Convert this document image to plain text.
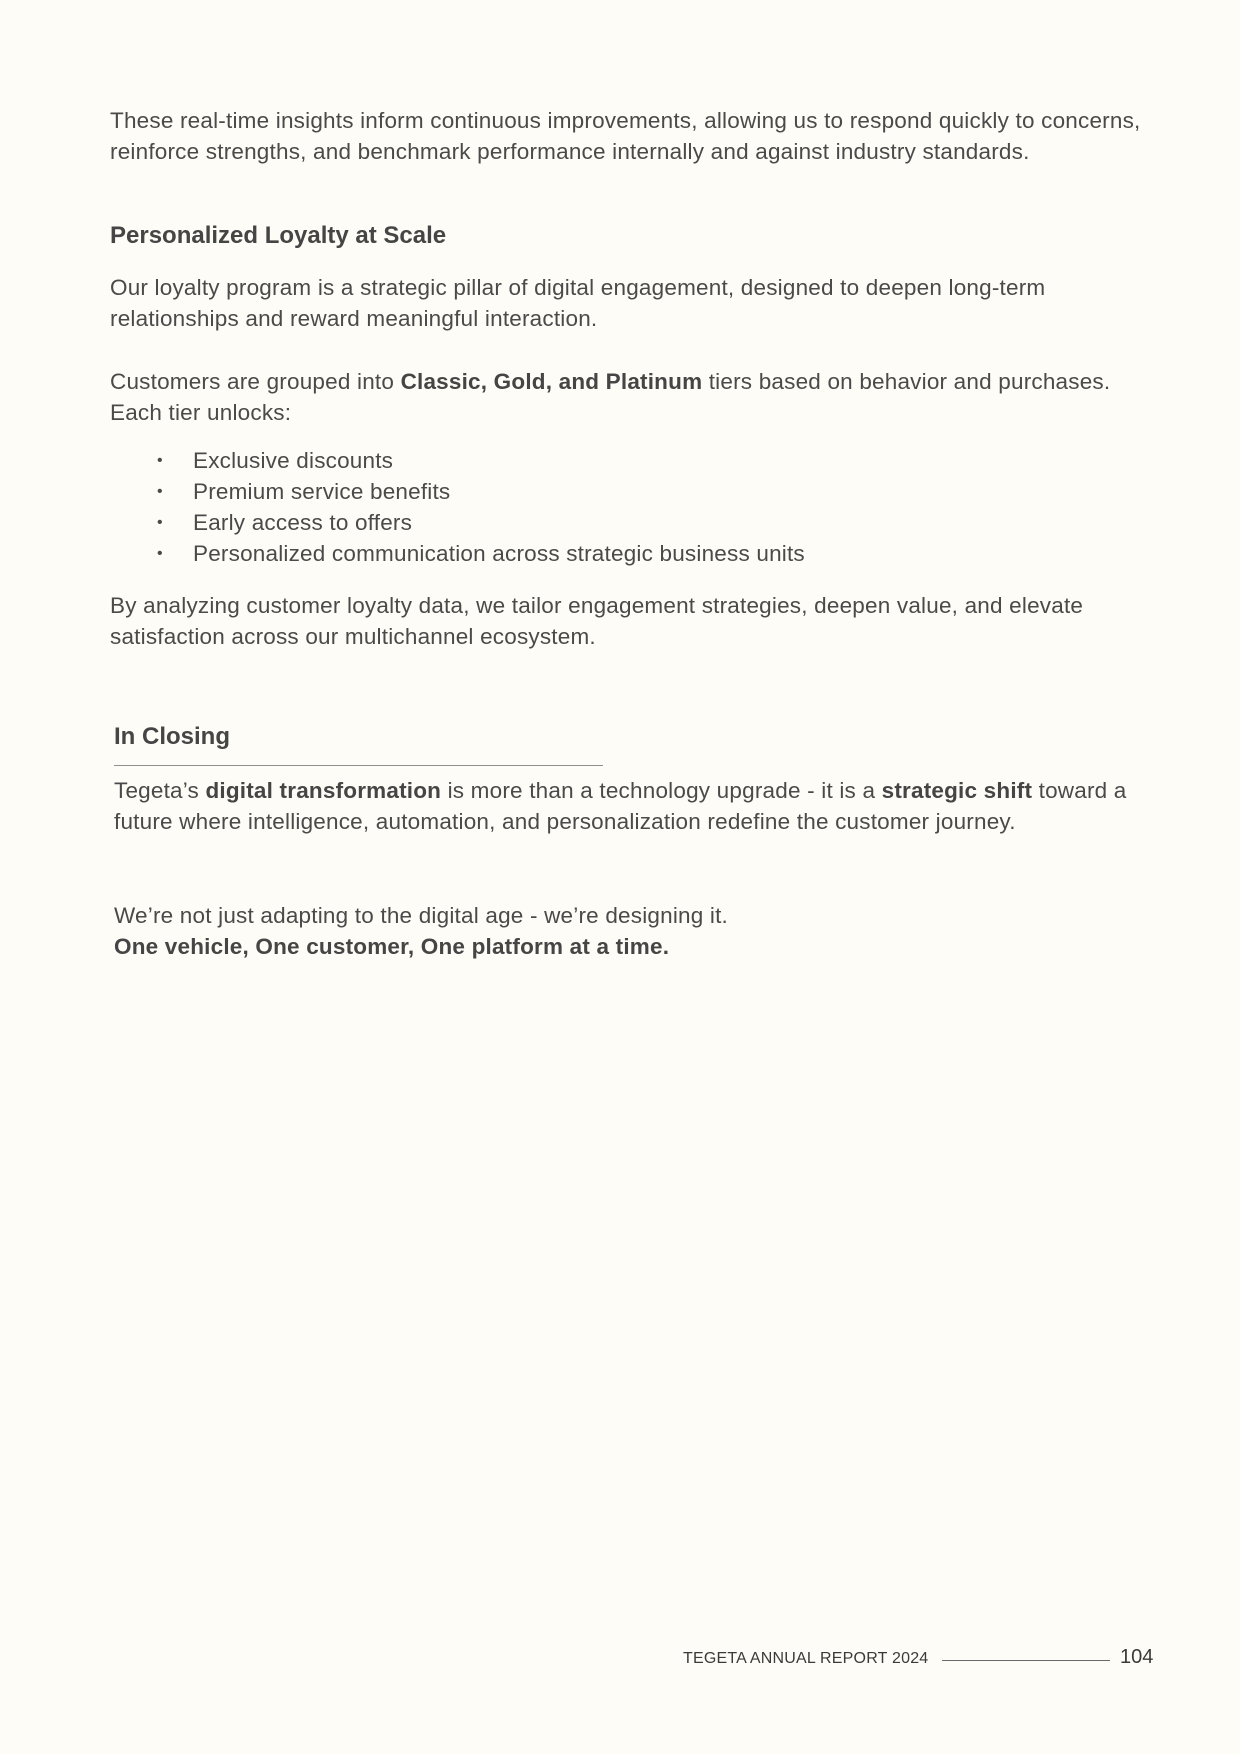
These real-time insights inform continuous improvements, allowing us to respond quickly to concerns, reinforce strengths, and benchmark performance internally and against industry standards.

Personalized Loyalty at Scale

Our loyalty program is a strategic pillar of digital engagement, designed to deepen long-term relationships and reward meaningful interaction.

Customers are grouped into Classic, Gold, and Platinum tiers based on behavior and purchases. Each tier unlocks:

• Exclusive discounts
• Premium service benefits
• Early access to offers
• Personalized communication across strategic business units

By analyzing customer loyalty data, we tailor engagement strategies, deepen value, and elevate satisfaction across our multichannel ecosystem.

In Closing

Tegeta’s digital transformation is more than a technology upgrade - it is a strategic shift toward a future where intelligence, automation, and personalization redefine the customer journey.

We’re not just adapting to the digital age - we’re designing it.
One vehicle, One customer, One platform at a time.

TEGETA ANNUAL REPORT 2024	104
